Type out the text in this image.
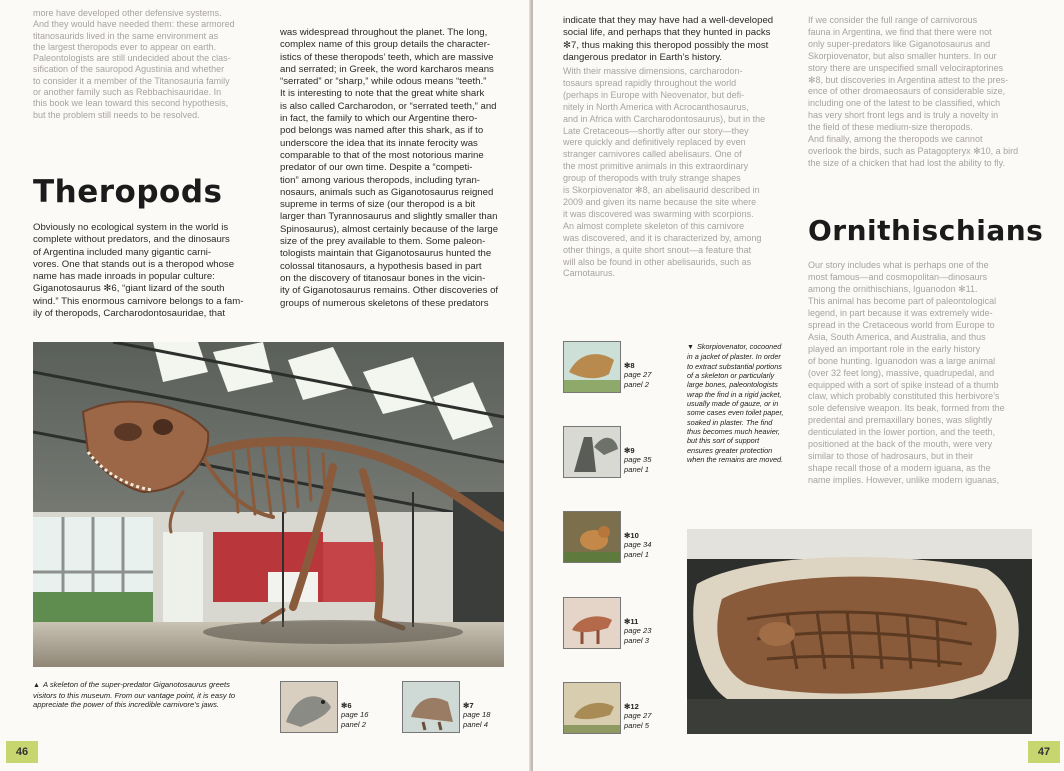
more have developed other defensive systems.

And they would have needed them: these armored

titanosaurids lived in the same environment as

the largest theropods ever to appear on earth.

Paleontologists are still undecided about the clas-

sification of the sauropod Agustinia and whether

to consider it a member of the Titanosauria family

or another family such as Rebbachisauridae. In

this book we lean toward this second hypothesis,

but the problem still needs to be resolved.

Theropods

Obviously no ecological system in the world is

complete without predators, and the dinosaurs

of Argentina included many gigantic carni-

vores. One that stands out is a theropod whose

name has made inroads in popular culture:

Giganotosaurus ✻6, “giant lizard of the south

wind.” This enormous carnivore belongs to a fam-

ily of theropods, Carcharodontosauridae, that

was widespread throughout the planet. The long,

complex name of this group details the character-

istics of these theropods’ teeth, which are massive

and serrated; in Greek, the word karcharos means

“serrated” or “sharp,” while odous means “teeth.”

It is interesting to note that the great white shark

is also called Carcharodon, or “serrated teeth,” and

in fact, the family to which our Argentine thero-

pod belongs was named after this shark, as if to

underscore the idea that its innate ferocity was

comparable to that of the most notorious marine

predator of our own time. Despite a “competi-

tion” among various theropods, including tyran-

nosaurs, animals such as Giganotosaurus reigned

supreme in terms of size (our theropod is a bit

larger than Tyrannosaurus and slightly smaller than

Spinosaurus), almost certainly because of the large

size of the prey available to them. Some paleon-

tologists maintain that Giganotosaurus hunted the

colossal titanosaurs, a hypothesis based in part

on the discovery of titanosaur bones in the vicin-

ity of Giganotosaurus remains. Other discoveries of

groups of numerous skeletons of these predators

▲ A skeleton of the super-predator Giganotosaurus greets visitors to this museum. From our vantage point, it is easy to appreciate the power of this incredible carnivore’s jaws.	✻6
page 16
panel 2
✻7
page 18
panel 4
46

indicate that they may have had a well-developed

social life, and perhaps that they hunted in packs

✻7, thus making this theropod possibly the most

dangerous predator in Earth’s history.

With their massive dimensions, carcharodon-

tosaurs spread rapidly throughout the world

(perhaps in Europe with Neovenator, but defi-

nitely in North America with Acrocanthosaurus,

and in Africa with Carcharodontosaurus), but in the

Late Cretaceous—shortly after our story—they

were quickly and definitively replaced by even

stranger carnivores called abelisaurs. One of

the most primitive animals in this extraordinary

group of theropods with truly strange shapes

is Skorpiovenator ✻8, an abelisaurid described in

2009 and given its name because the site where

it was discovered was swarming with scorpions.

An almost complete skeleton of this carnivore

was discovered, and it is characterized by, among

other things, a quite short snout—a feature that

will also be found in other abelisaurids, such as

Carnotaurus.

If we consider the full range of carnivorous

fauna in Argentina, we find that there were not

only super-predators like Giganotosaurus and

Skorpiovenator, but also smaller hunters. In our

story there are unspecified small velociraptorines

✻8, but discoveries in Argentina attest to the pres-

ence of other dromaeosaurs of considerable size,

including one of the latest to be classified, which

has very short front legs and is truly a novelty in

the field of these medium-size theropods.

And finally, among the theropods we cannot

overlook the birds, such as Patagopteryx ✻10, a bird

the size of a chicken that had lost the ability to fly.

Ornithischians

Our story includes what is perhaps one of the

most famous—and cosmopolitan—dinosaurs

among the ornithischians, Iguanodon ✻11.

This animal has become part of paleontological

legend, in part because it was extremely wide-

spread in the Cretaceous world from Europe to

Asia, South America, and Australia, and thus

played an important role in the early history

of bone hunting. Iguanodon was a large animal

(over 32 feet long), massive, quadrupedal, and

equipped with a sort of spike instead of a thumb

claw, which probably constituted this herbivore’s

sole defensive weapon. Its beak, formed from the

predental and premaxillary bones, was slightly

denticulated in the lower portion, and the teeth,

positioned at the back of the mouth, were very

similar to those of hadrosaurs, but in their

shape recall those of a modern iguana, as the

name implies. However, unlike modern iguanas,

✻8
page 27
panel 2
✻9
page 35
panel 1
✻10
page 34
panel 1
✻11
page 23
panel 3
✻12
page 27
panel 5
▼ Skorpiovenator, cocooned in a jacket of plaster. In order to extract substantial portions of a skeleton or particularly large bones, paleontologists wrap the find in a rigid jacket, usually made of gauze, or in some cases even toilet paper, soaked in plaster. The find thus becomes much heavier, but this sort of support ensures greater protection when the remains are moved.
47
